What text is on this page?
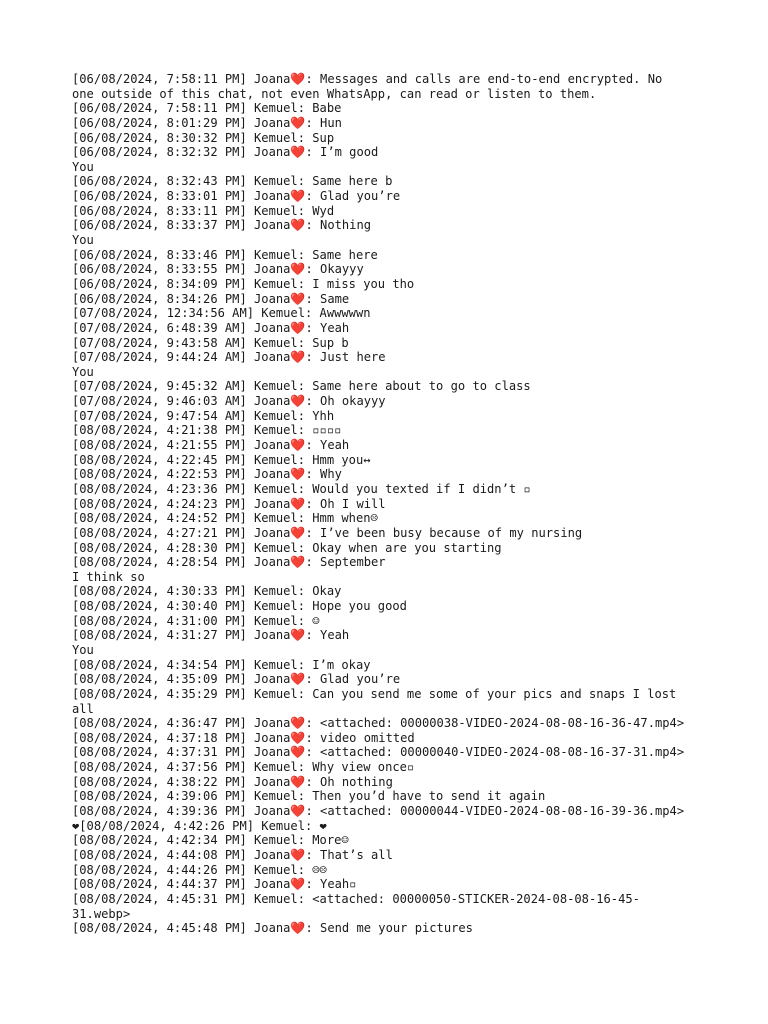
[06/08/2024, 7:58:11 PM] Joana❤️: Messages and calls are end-to-end encrypted. No
one outside of this chat, not even WhatsApp, can read or listen to them.
[06/08/2024, 7:58:11 PM] Kemuel: Babe
[06/08/2024, 8:01:29 PM] Joana❤️: Hun
[06/08/2024, 8:30:32 PM] Kemuel: Sup
[06/08/2024, 8:32:32 PM] Joana❤️: I’m good
You
[06/08/2024, 8:32:43 PM] Kemuel: Same here b
[06/08/2024, 8:33:01 PM] Joana❤️: Glad you’re
[06/08/2024, 8:33:11 PM] Kemuel: Wyd
[06/08/2024, 8:33:37 PM] Joana❤️: Nothing
You
[06/08/2024, 8:33:46 PM] Kemuel: Same here
[06/08/2024, 8:33:55 PM] Joana❤️: Okayyy
[06/08/2024, 8:34:09 PM] Kemuel: I miss you tho
[06/08/2024, 8:34:26 PM] Joana❤️: Same
[07/08/2024, 12:34:56 AM] Kemuel: Awwwwwn
[07/08/2024, 6:48:39 AM] Joana❤️: Yeah
[07/08/2024, 9:43:58 AM] Kemuel: Sup b
[07/08/2024, 9:44:24 AM] Joana❤️: Just here
You
[07/08/2024, 9:45:32 AM] Kemuel: Same here about to go to class
[07/08/2024, 9:46:03 AM] Joana❤️: Oh okayyy
[07/08/2024, 9:47:54 AM] Kemuel: Yhh
[08/08/2024, 4:21:38 PM] Kemuel: ▫▫▫▫
[08/08/2024, 4:21:55 PM] Joana❤️: Yeah
[08/08/2024, 4:22:45 PM] Kemuel: Hmm you↔
[08/08/2024, 4:22:53 PM] Joana❤️: Why
[08/08/2024, 4:23:36 PM] Kemuel: Would you texted if I didn’t ▫
[08/08/2024, 4:24:23 PM] Joana❤️: Oh I will
[08/08/2024, 4:24:52 PM] Kemuel: Hmm when☹
[08/08/2024, 4:27:21 PM] Joana❤️: I’ve been busy because of my nursing
[08/08/2024, 4:28:30 PM] Kemuel: Okay when are you starting
[08/08/2024, 4:28:54 PM] Joana❤️: September
I think so
[08/08/2024, 4:30:33 PM] Kemuel: Okay
[08/08/2024, 4:30:40 PM] Kemuel: Hope you good
[08/08/2024, 4:31:00 PM] Kemuel: ☺
[08/08/2024, 4:31:27 PM] Joana❤️: Yeah
You
[08/08/2024, 4:34:54 PM] Kemuel: I’m okay
[08/08/2024, 4:35:09 PM] Joana❤️: Glad you’re
[08/08/2024, 4:35:29 PM] Kemuel: Can you send me some of your pics and snaps I lost
all
[08/08/2024, 4:36:47 PM] Joana❤️: <attached: 00000038-VIDEO-2024-08-08-16-36-47.mp4>
[08/08/2024, 4:37:18 PM] Joana❤️: video omitted
[08/08/2024, 4:37:31 PM] Joana❤️: <attached: 00000040-VIDEO-2024-08-08-16-37-31.mp4>
[08/08/2024, 4:37:56 PM] Kemuel: Why view once▫
[08/08/2024, 4:38:22 PM] Joana❤️: Oh nothing
[08/08/2024, 4:39:06 PM] Kemuel: Then you’d have to send it again
[08/08/2024, 4:39:36 PM] Joana❤️: <attached: 00000044-VIDEO-2024-08-08-16-39-36.mp4>
❤[08/08/2024, 4:42:26 PM] Kemuel: ❤
[08/08/2024, 4:42:34 PM] Kemuel: More☺
[08/08/2024, 4:44:08 PM] Joana❤️: That’s all
[08/08/2024, 4:44:26 PM] Kemuel: ☹☹
[08/08/2024, 4:44:37 PM] Joana❤️: Yeah▫
[08/08/2024, 4:45:31 PM] Kemuel: <attached: 00000050-STICKER-2024-08-08-16-45-
31.webp>
[08/08/2024, 4:45:48 PM] Joana❤️: Send me your pictures
